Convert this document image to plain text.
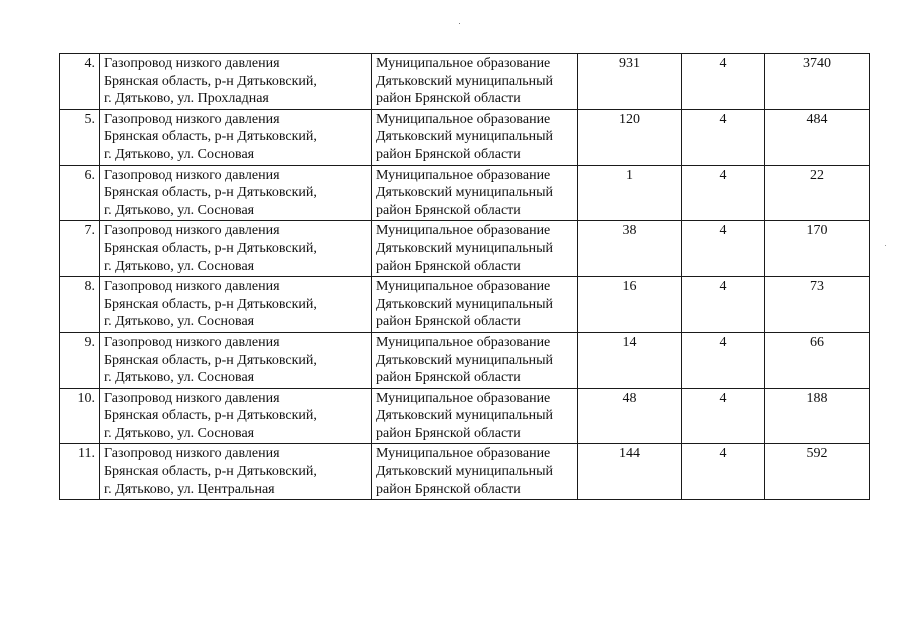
4.	Газопровод низкого давления
Брянская область, р-н Дятьковский,
г. Дятьково, ул. Прохладная	Муниципальное образование
Дятьковский муниципальный
район Брянской области	931	4	3740
5.	Газопровод низкого давления
Брянская область, р-н Дятьковский,
г. Дятьково, ул. Сосновая	Муниципальное образование
Дятьковский муниципальный
район Брянской области	120	4	484
6.	Газопровод низкого давления
Брянская область, р-н Дятьковский,
г. Дятьково, ул. Сосновая	Муниципальное образование
Дятьковский муниципальный
район Брянской области	1	4	22
7.	Газопровод низкого давления
Брянская область, р-н Дятьковский,
г. Дятьково, ул. Сосновая	Муниципальное образование
Дятьковский муниципальный
район Брянской области	38	4	170
8.	Газопровод низкого давления
Брянская область, р-н Дятьковский,
г. Дятьково, ул. Сосновая	Муниципальное образование
Дятьковский муниципальный
район Брянской области	16	4	73
9.	Газопровод низкого давления
Брянская область, р-н Дятьковский,
г. Дятьково, ул. Сосновая	Муниципальное образование
Дятьковский муниципальный
район Брянской области	14	4	66
10.	Газопровод низкого давления
Брянская область, р-н Дятьковский,
г. Дятьково, ул. Сосновая	Муниципальное образование
Дятьковский муниципальный
район Брянской области	48	4	188
11.	Газопровод низкого давления
Брянская область, р-н Дятьковский,
г. Дятьково, ул. Центральная	Муниципальное образование
Дятьковский муниципальный
район Брянской области	144	4	592
